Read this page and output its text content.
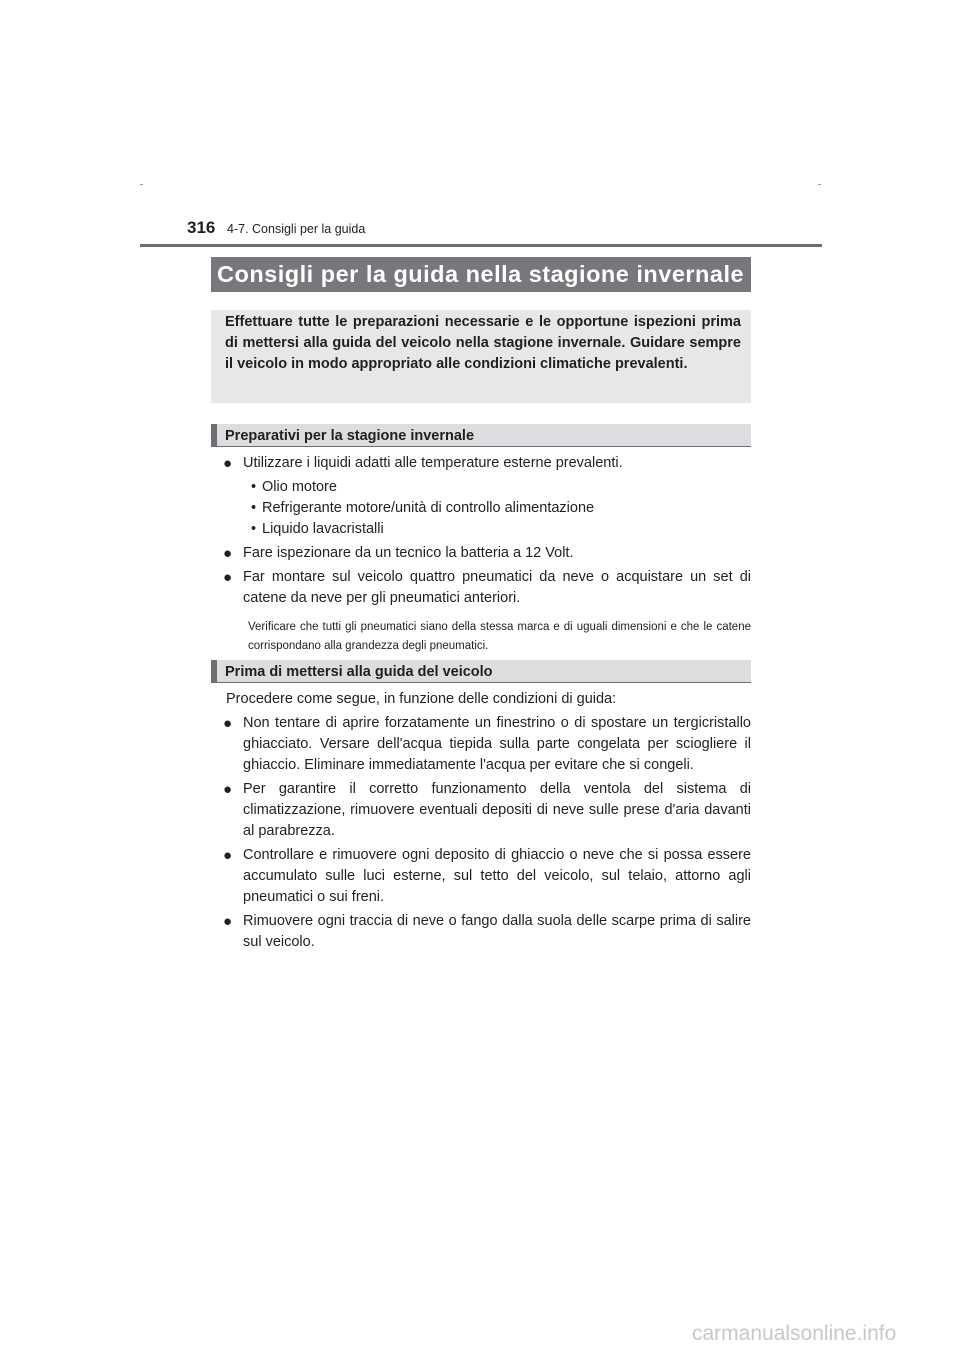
316 4-7. Consigli per la guida
Consigli per la guida nella stagione invernale
Effettuare tutte le preparazioni necessarie e le opportune ispezioni prima di mettersi alla guida del veicolo nella stagione invernale. Guidare sempre il veicolo in modo appropriato alle condizioni climatiche prevalenti.
Preparativi per la stagione invernale
● Utilizzare i liquidi adatti alle temperature esterne prevalenti.
• Olio motore
• Refrigerante motore/unità di controllo alimentazione
• Liquido lavacristalli
● Fare ispezionare da un tecnico la batteria a 12 Volt.
● Far montare sul veicolo quattro pneumatici da neve o acquistare un set di catene da neve per gli pneumatici anteriori.
Verificare che tutti gli pneumatici siano della stessa marca e di uguali dimensioni e che le catene corrispondano alla grandezza degli pneumatici.
Prima di mettersi alla guida del veicolo
Procedere come segue, in funzione delle condizioni di guida:
● Non tentare di aprire forzatamente un finestrino o di spostare un tergicristallo ghiacciato. Versare dell'acqua tiepida sulla parte congelata per sciogliere il ghiaccio. Eliminare immediatamente l'acqua per evitare che si congeli.
● Per garantire il corretto funzionamento della ventola del sistema di climatizzazione, rimuovere eventuali depositi di neve sulle prese d'aria davanti al parabrezza.
● Controllare e rimuovere ogni deposito di ghiaccio o neve che si possa essere accumulato sulle luci esterne, sul tetto del veicolo, sul telaio, attorno agli pneumatici o sui freni.
● Rimuovere ogni traccia di neve o fango dalla suola delle scarpe prima di salire sul veicolo.
carmanualsonline.info
